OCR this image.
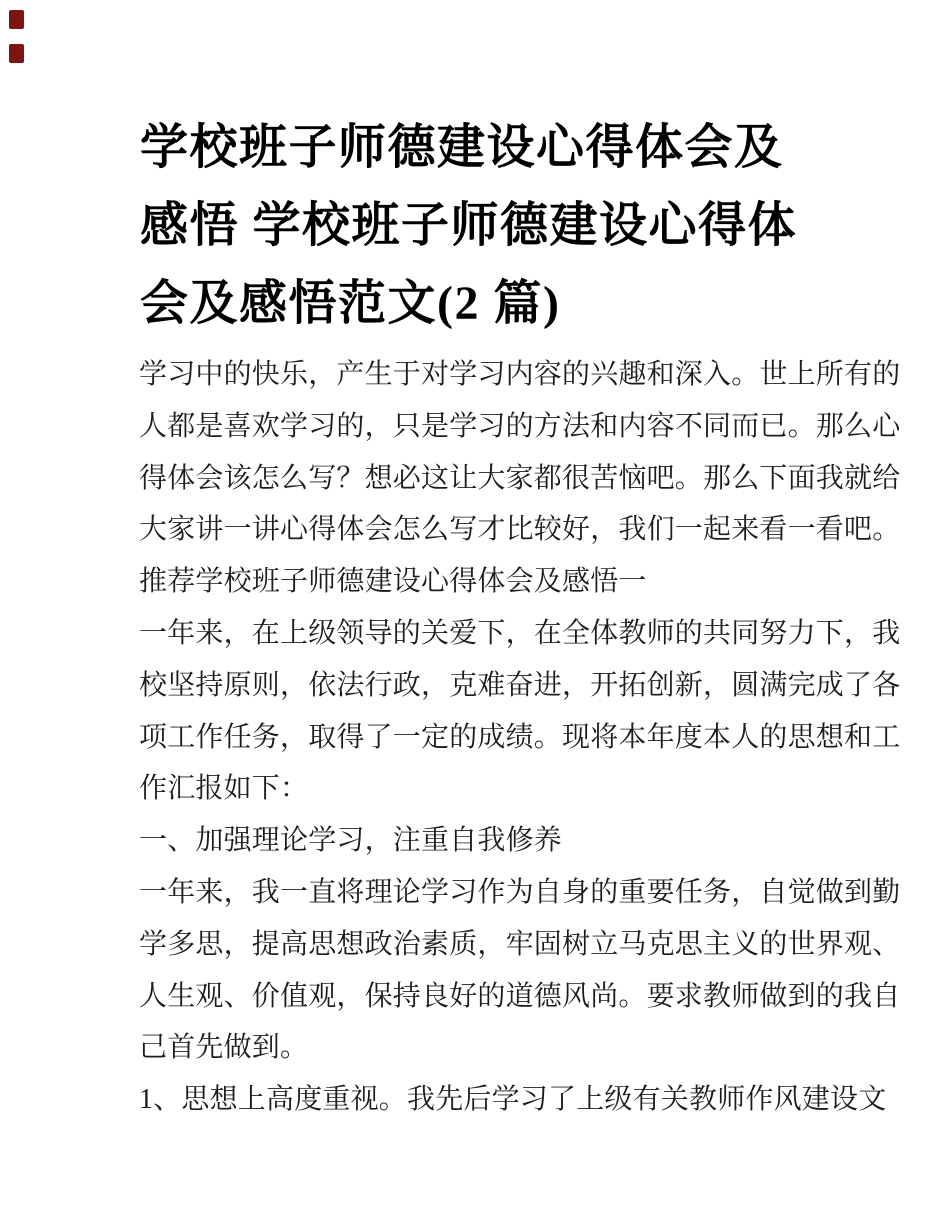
学校班子师德建设心得体会及
感悟 学校班子师德建设心得体
会及感悟范文(2 篇)
学习中的快乐，产生于对学习内容的兴趣和深入。世上所有的
人都是喜欢学习的，只是学习的方法和内容不同而已。那么心
得体会该怎么写？想必这让大家都很苦恼吧。那么下面我就给
大家讲一讲心得体会怎么写才比较好，我们一起来看一看吧。
推荐学校班子师德建设心得体会及感悟一
一年来，在上级领导的关爱下，在全体教师的共同努力下，我
校坚持原则，依法行政，克难奋进，开拓创新，圆满完成了各
项工作任务，取得了一定的成绩。现将本年度本人的思想和工
作汇报如下：
一、加强理论学习，注重自我修养
一年来，我一直将理论学习作为自身的重要任务，自觉做到勤
学多思，提高思想政治素质，牢固树立马克思主义的世界观、
人生观、价值观，保持良好的道德风尚。要求教师做到的我自
己首先做到。
1、思想上高度重视。我先后学习了上级有关教师作风建设文
